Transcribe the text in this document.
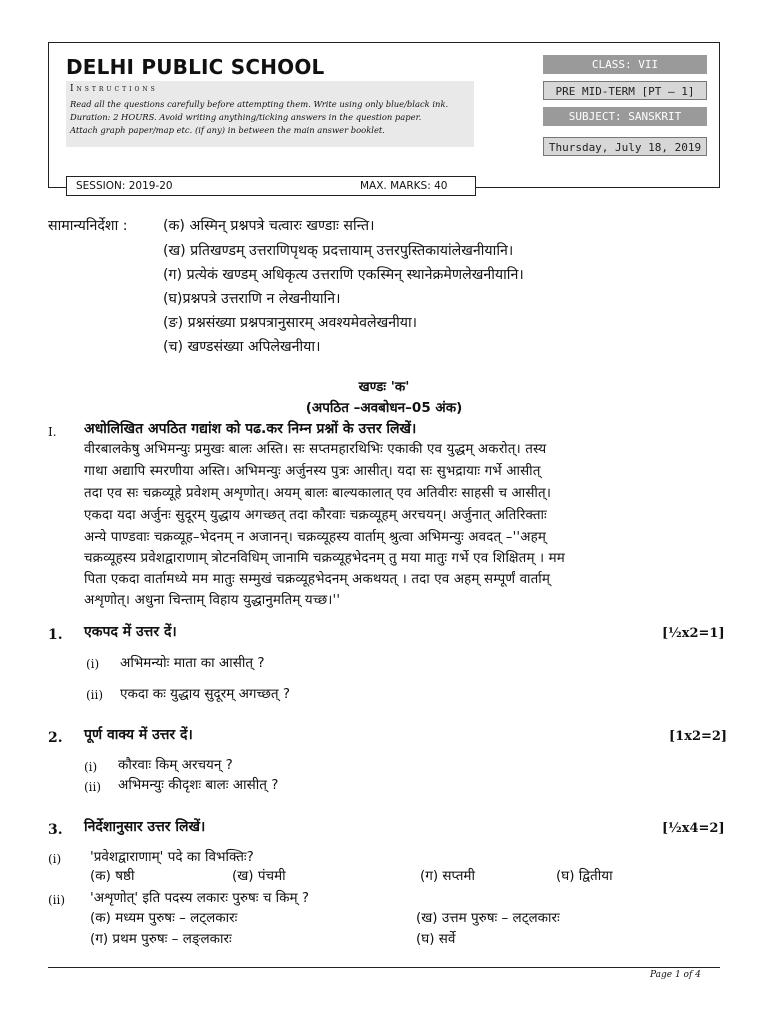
DELHI PUBLIC SCHOOL
Instructions
Read all the questions carefully before attempting them. Write using only blue/black ink.
Duration: 2 HOURS. Avoid writing anything/ticking answers in the question paper.
Attach graph paper/map etc. (if any) in between the main answer booklet.
CLASS: VII
PRE MID-TERM [PT – 1]
SUBJECT: SANSKRIT
Thursday, July 18, 2019
SESSION: 2019-20	MAX. MARKS: 40
सामान्यनिर्देशा : (क) अस्मिन् प्रश्नपत्रे चत्वारः खण्डाः सन्ति।
(ख) प्रतिखण्डम् उत्तराणिपृथक् प्रदत्तायाम् उत्तरपुस्तिकायांलेखनीयानि।
(ग) प्रत्येकं खण्डम् अधिकृत्य उत्तराणि एकस्मिन् स्थानेक्रमेणलेखनीयानि।
(घ)प्रश्नपत्रे उत्तराणि न लेखनीयानि।
(ङ) प्रश्नसंख्या प्रश्नपत्रानुसारम् अवश्यमेवलेखनीया।
(च) खण्डसंख्या अपिलेखनीया।
खण्डः 'क'
(अपठित –अवबोधन–05 अंक)
I. अधोलिखित अपठित गद्यांश को पढ.कर निम्न प्रश्नों के उत्तर लिखें।
वीरबालकेषु अभिमन्युः प्रमुखः बालः अस्ति। सः सप्तमहारथिभिः एकाकी एव युद्धम् अकरोत्। तस्य
गाथा अद्यापि स्मरणीया अस्ति। अभिमन्युः अर्जुनस्य पुत्रः आसीत्। यदा सः सुभद्रायाः गर्भे आसीत्
तदा एव सः चक्रव्यूहे प्रवेशम् अशृणोत्। अयम् बालः बाल्यकालात् एव अतिवीरः साहसी च आसीत्।
एकदा यदा अर्जुनः सुदूरम् युद्धाय अगच्छत् तदा कौरवाः चक्रव्यूहम् अरचयन्। अर्जुनात् अतिरिक्ताः
अन्ये पाण्डवाः चक्रव्यूह–भेदनम् न अजानन्। चक्रव्यूहस्य वार्ताम् श्रुत्वा अभिमन्युः अवदत् –''अहम्
चक्रव्यूहस्य प्रवेशद्वाराणाम् त्रोटनविधिम् जानामि चक्रव्यूहभेदनम् तु मया मातुः गर्भे एव शिक्षितम् । मम
पिता एकदा वार्तामध्ये मम मातुः सम्मुखं चक्रव्यूहभेदनम् अकथयत् । तदा एव अहम् सम्पूर्णं वार्ताम्
अशृणोत्। अधुना चिन्ताम् विहाय युद्धानुमतिम् यच्छ।''
1. एकपद में उत्तर दें।	[½x2=1]
(i) अभिमन्योः माता का आसीत् ?
(ii) एकदा कः युद्धाय सुदूरम् अगच्छत् ?
2. पूर्ण वाक्य में उत्तर दें।	[1x2=2]
(i) कौरवाः किम् अरचयन् ?
(ii) अभिमन्युः कीदृशः बालः आसीत् ?
3. निर्देशानुसार उत्तर लिखें।	[½x4=2]
(i) 'प्रवेशद्वाराणाम्' पदे का विभक्तिः?
(क) षष्ठी	(ख) पंचमी	(ग) सप्तमी	(घ) द्वितीया
(ii) 'अशृणोत्' इति पदस्य लकारः पुरुषः च किम् ?
(क) मध्यम पुरुषः – लट्लकारः	(ख) उत्तम पुरुषः – लट्लकारः
(ग) प्रथम पुरुषः – लङ्लकारः	(घ) सर्वे
Page 1 of 4
